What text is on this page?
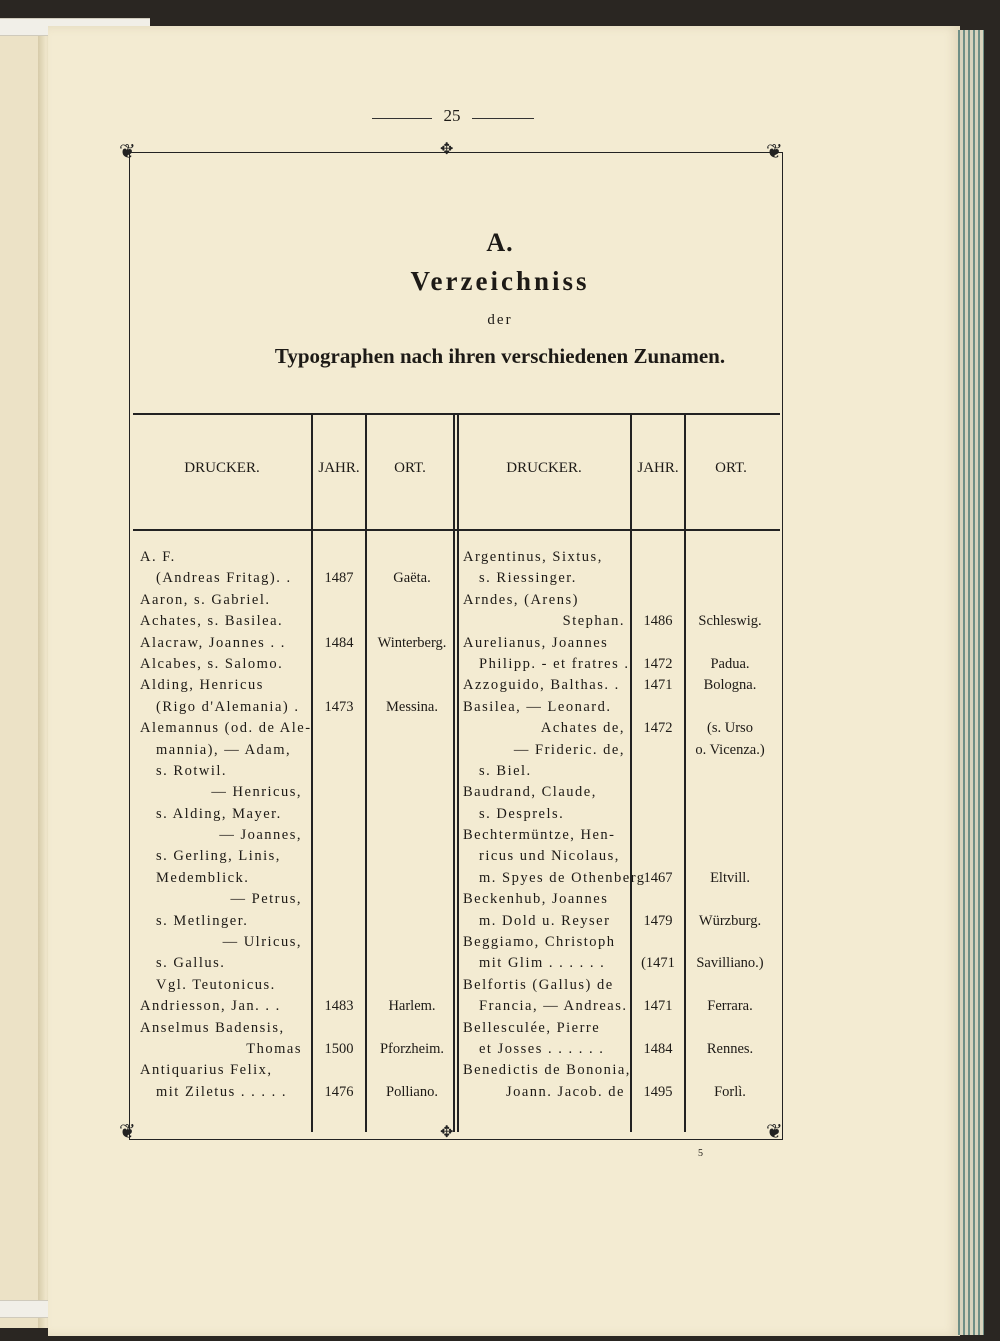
25
❦	❦
❦	❦
✥
✥
A.
Verzeichniss
der
Typographen nach ihren verschiedenen Zunamen.
DRUCKER.	JAHR.	ORT.	DRUCKER.	JAHR.	ORT.
A. F.
(Andreas Fritag). .	1487	Gaëta.
Aaron, s. Gabriel.
Achates, s. Basilea.
Alacraw, Joannes . .	1484	Winterberg.
Alcabes, s. Salomo.
Alding, Henricus
(Rigo d'Alemania) .	1473	Messina.
Alemannus (od. de Ale-
mannia), — Adam,
s. Rotwil.
— Henricus,
s. Alding, Mayer.
— Joannes,
s. Gerling, Linis,
Medemblick.
— Petrus,
s. Metlinger.
— Ulricus,
s. Gallus.
Vgl. Teutonicus.
Andriesson, Jan. . .	1483	Harlem.
Anselmus Badensis,
Thomas	1500	Pforzheim.
Antiquarius Felix,
mit Ziletus . . . . .	1476	Polliano.
Argentinus, Sixtus,
s. Riessinger.
Arndes, (Arens)
Stephan.	1486	Schleswig.
Aurelianus, Joannes
Philipp. - et fratres . 1472	Padua.
Azzoguido, Balthas. .	1471	Bologna.
Basilea, — Leonard.
Achates de,	1472	(s. Urso
— Frideric. de,	o. Vicenza.)
s. Biel.
Baudrand, Claude,
s. Desprels.
Bechtermüntze, Hen-
ricus und Nicolaus,
m. Spyes de Othenberg
1467	Eltvill.
Beckenhub, Joannes
m. Dold u. Reyser	1479	Würzburg.
Beggiamo, Christoph
mit Glim . . . . . .	(1471	Savilliano.)
Belfortis (Gallus) de
Francia, — Andreas.	1471	Ferrara.
Bellesculée, Pierre
et Josses . . . . . .	1484	Rennes.
Benedictis de Bononia,
Joann. Jacob. de	1495	Forlì.
5
